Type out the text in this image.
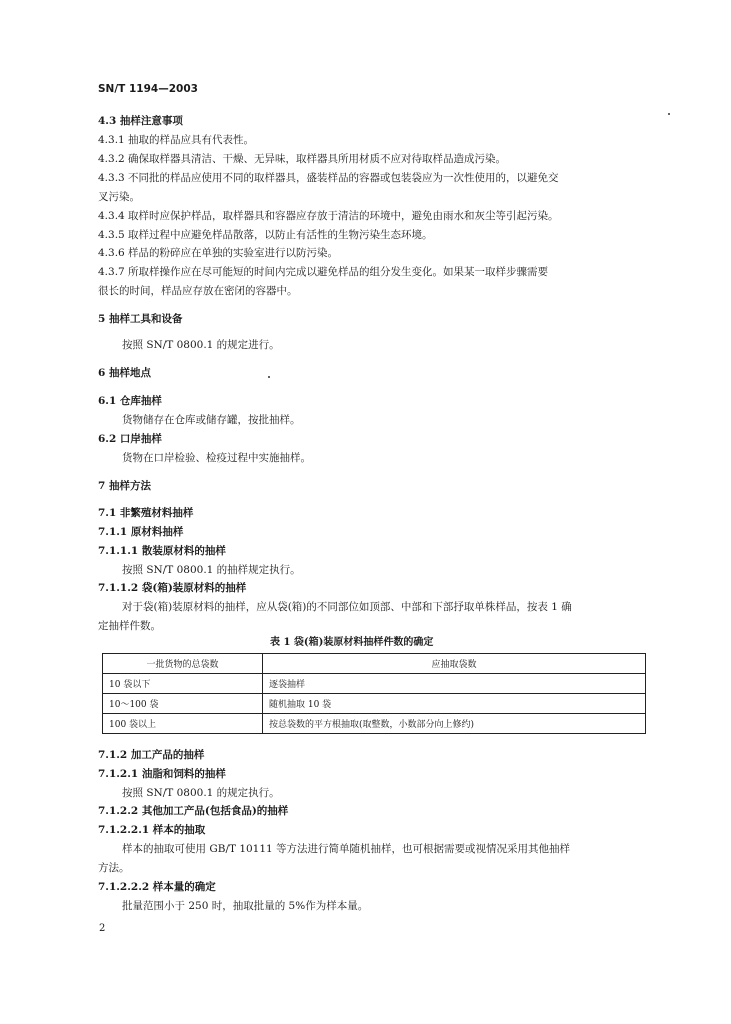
SN/T 1194—2003
4.3 抽样注意事项
4.3.1 抽取的样品应具有代表性。
4.3.2 确保取样器具清洁、干燥、无异味，取样器具所用材质不应对待取样品造成污染。
4.3.3 不同批的样品应使用不同的取样器具，盛装样品的容器或包装袋应为一次性使用的，以避免交
叉污染。
4.3.4 取样时应保护样品，取样器具和容器应存放于清洁的环境中，避免由雨水和灰尘等引起污染。
4.3.5 取样过程中应避免样品散落，以防止有活性的生物污染生态环境。
4.3.6 样品的粉碎应在单独的实验室进行以防污染。
4.3.7 所取样操作应在尽可能短的时间内完成以避免样品的组分发生变化。如果某一取样步骤需要
很长的时间，样品应存放在密闭的容器中。
5 抽样工具和设备
按照 SN/T 0800.1 的规定进行。
6 抽样地点
6.1 仓库抽样
货物储存在仓库或储存罐，按批抽样。
6.2 口岸抽样
货物在口岸检验、检疫过程中实施抽样。
7 抽样方法
7.1 非繁殖材料抽样
7.1.1 原材料抽样
7.1.1.1 散装原材料的抽样
按照 SN/T 0800.1 的抽样规定执行。
7.1.1.2 袋(箱)装原材料的抽样
对于袋(箱)装原材料的抽样，应从袋(箱)的不同部位如顶部、中部和下部抒取单株样品，按表 1 确
定抽样件数。
表 1 袋(箱)装原材料抽样件数的确定
一批货物的总袋数	应抽取袋数
10 袋以下	逐袋抽样
10～100 袋	随机抽取 10 袋
100 袋以上	按总袋数的平方根抽取(取整数，小数部分向上修约)
7.1.2 加工产品的抽样
7.1.2.1 油脂和饲料的抽样
按照 SN/T 0800.1 的规定执行。
7.1.2.2 其他加工产品(包括食品)的抽样
7.1.2.2.1 样本的抽取
样本的抽取可使用 GB/T 10111 等方法进行简单随机抽样，也可根据需要或视情况采用其他抽样
方法。
7.1.2.2.2 样本量的确定
批量范围小于 250 时，抽取批量的 5%作为样本量。
2
